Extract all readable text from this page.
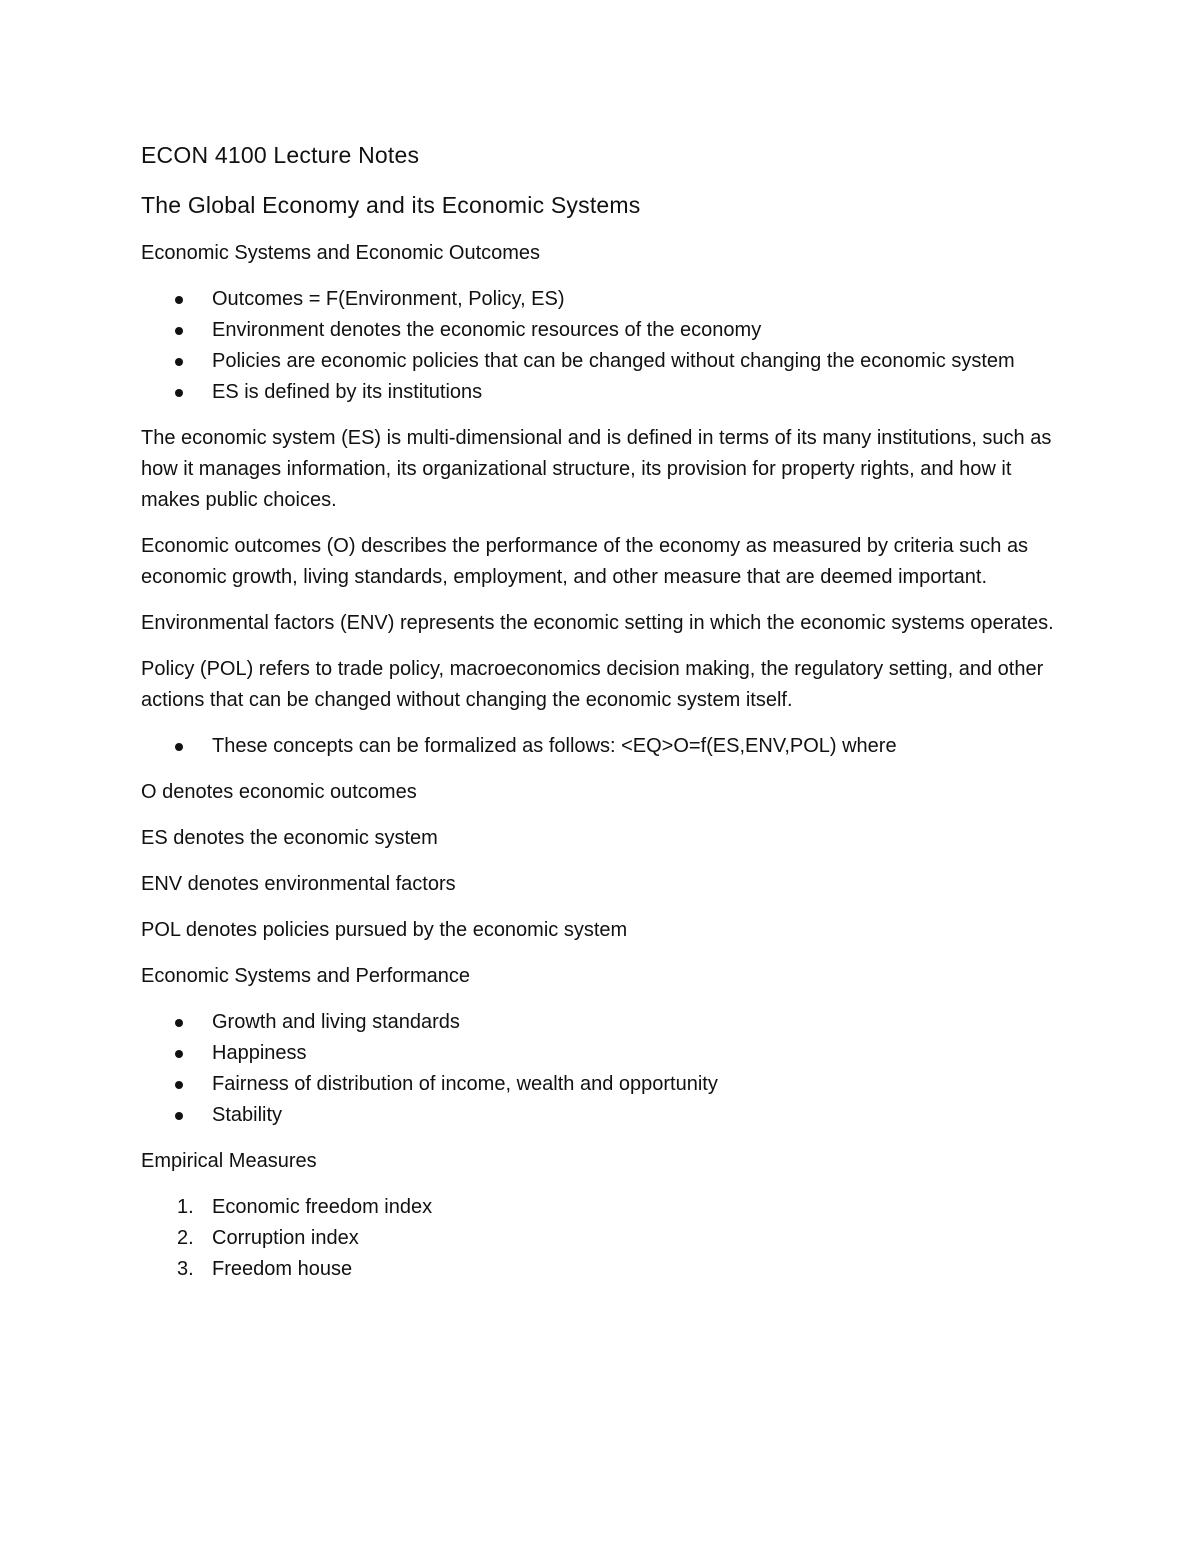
ECON 4100 Lecture Notes
The Global Economy and its Economic Systems
Economic Systems and Economic Outcomes
Outcomes = F(Environment, Policy, ES)
Environment denotes the economic resources of the economy
Policies are economic policies that can be changed without changing the economic system
ES is defined by its institutions
The economic system (ES) is multi-dimensional and is defined in terms of its many institutions, such as how it manages information, its organizational structure, its provision for property rights, and how it makes public choices.
Economic outcomes (O) describes the performance of the economy as measured by criteria such as economic growth, living standards, employment, and other measure that are deemed important.
Environmental factors (ENV) represents the economic setting in which the economic systems operates.
Policy (POL) refers to trade policy, macroeconomics decision making, the regulatory setting, and other actions that can be changed without changing the economic system itself.
These concepts can be formalized as follows: <EQ>O=f(ES,ENV,POL) where
O denotes economic outcomes
ES denotes the economic system
ENV denotes environmental factors
POL denotes policies pursued by the economic system
Economic Systems and Performance
Growth and living standards
Happiness
Fairness of distribution of income, wealth and opportunity
Stability
Empirical Measures
1. Economic freedom index
2. Corruption index
3. Freedom house
